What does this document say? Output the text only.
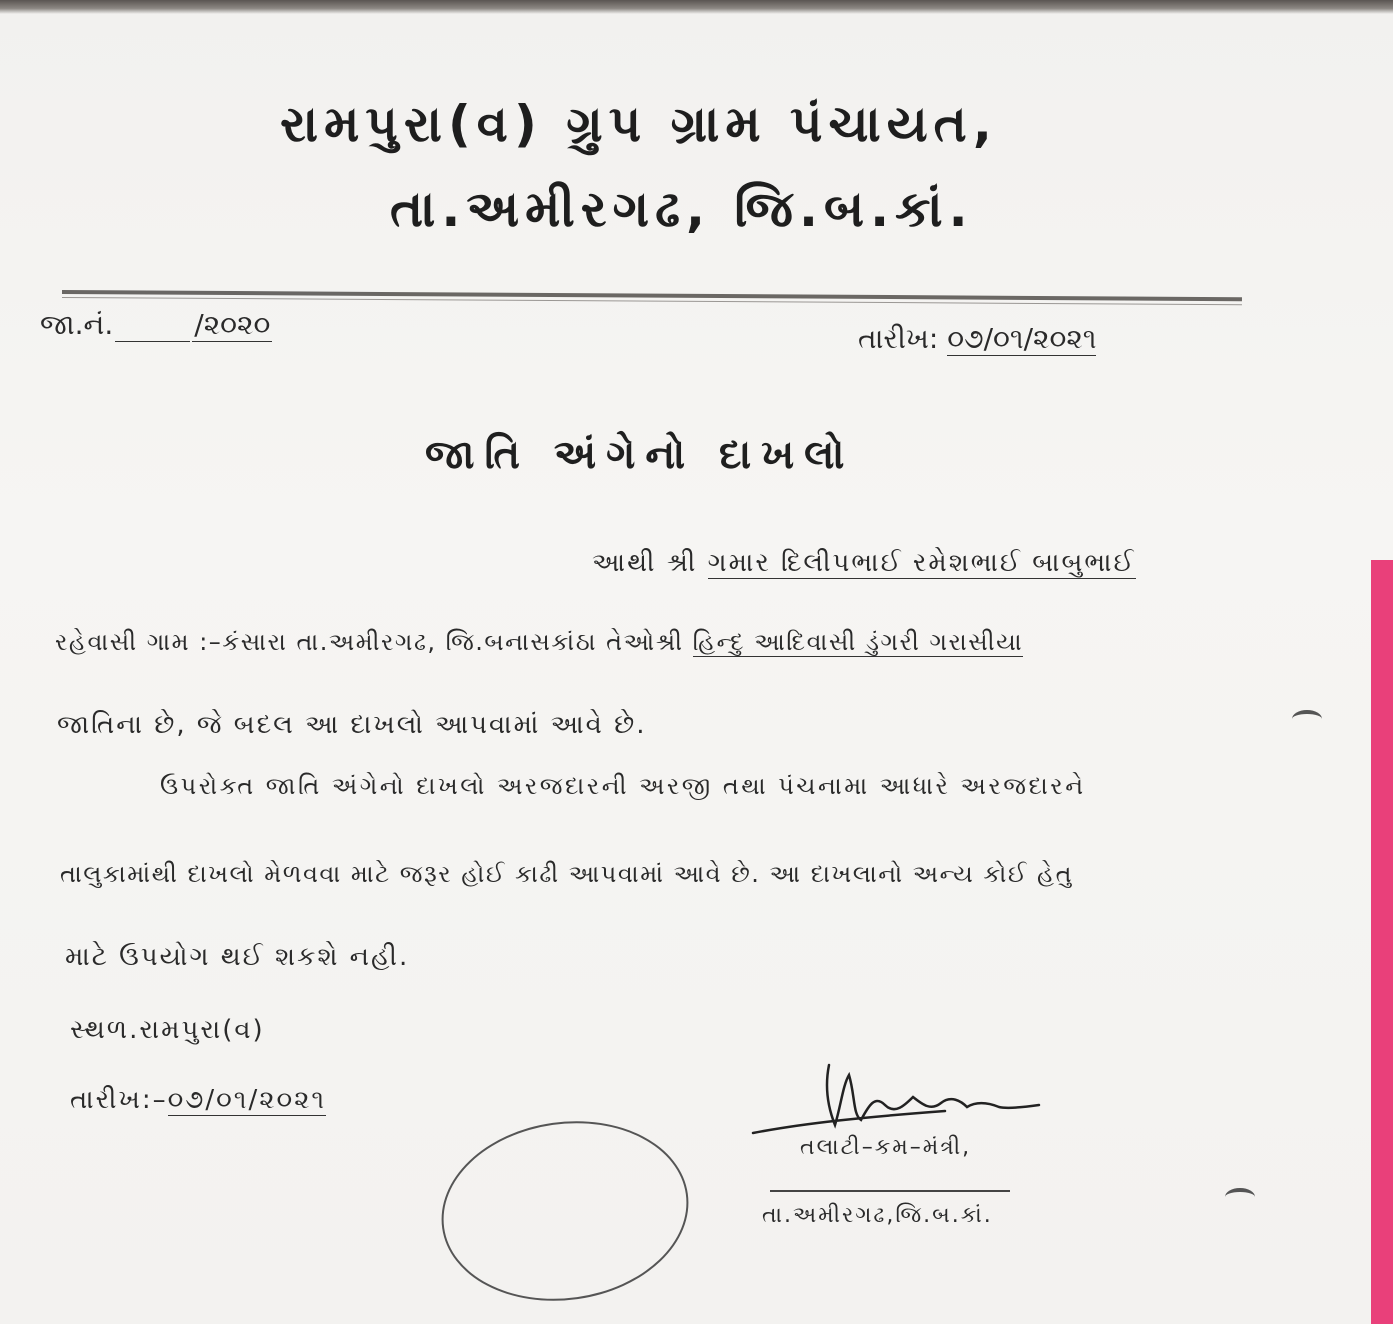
રામપુરા(વ) ગ્રુપ ગ્રામ પંચાયત,
તા.અમીરગઢ, જિ.બ.કાં.
જા.નં.	/૨૦૨૦	તારીખ: ૦૭/૦૧/૨૦૨૧
જાતિ અંગેનો દાખલો
આથી શ્રી ગમાર દિલીપભાઈ રમેશભાઈ બાબુભાઈ
રહેવાસી ગામ :–કંસારા તા.અમીરગઢ, જિ.બનાસકાંઠા તેઓશ્રી હિન્દુ આદિવાસી ડુંગરી ગરાસીયા
જાતિના છે, જે બદલ આ દાખલો આપવામાં આવે છે.
ઉપરોક્ત જાતિ અંગેનો દાખલો અરજદારની અરજી તથા પંચનામા આધારે અરજદારને
તાલુકામાંથી દાખલો મેળવવા માટે જરૂર હોઈ કાઢી આપવામાં આવે છે. આ દાખલાનો અન્ય કોઈ હેતુ
માટે ઉપયોગ થઈ શકશે નહી.
સ્થળ.રામપુરા(વ)
તારીખ:–૦૭/૦૧/૨૦૨૧
તલાટી–કમ–મંત્રી,
તા.અમીરગઢ,જિ.બ.કાં.
